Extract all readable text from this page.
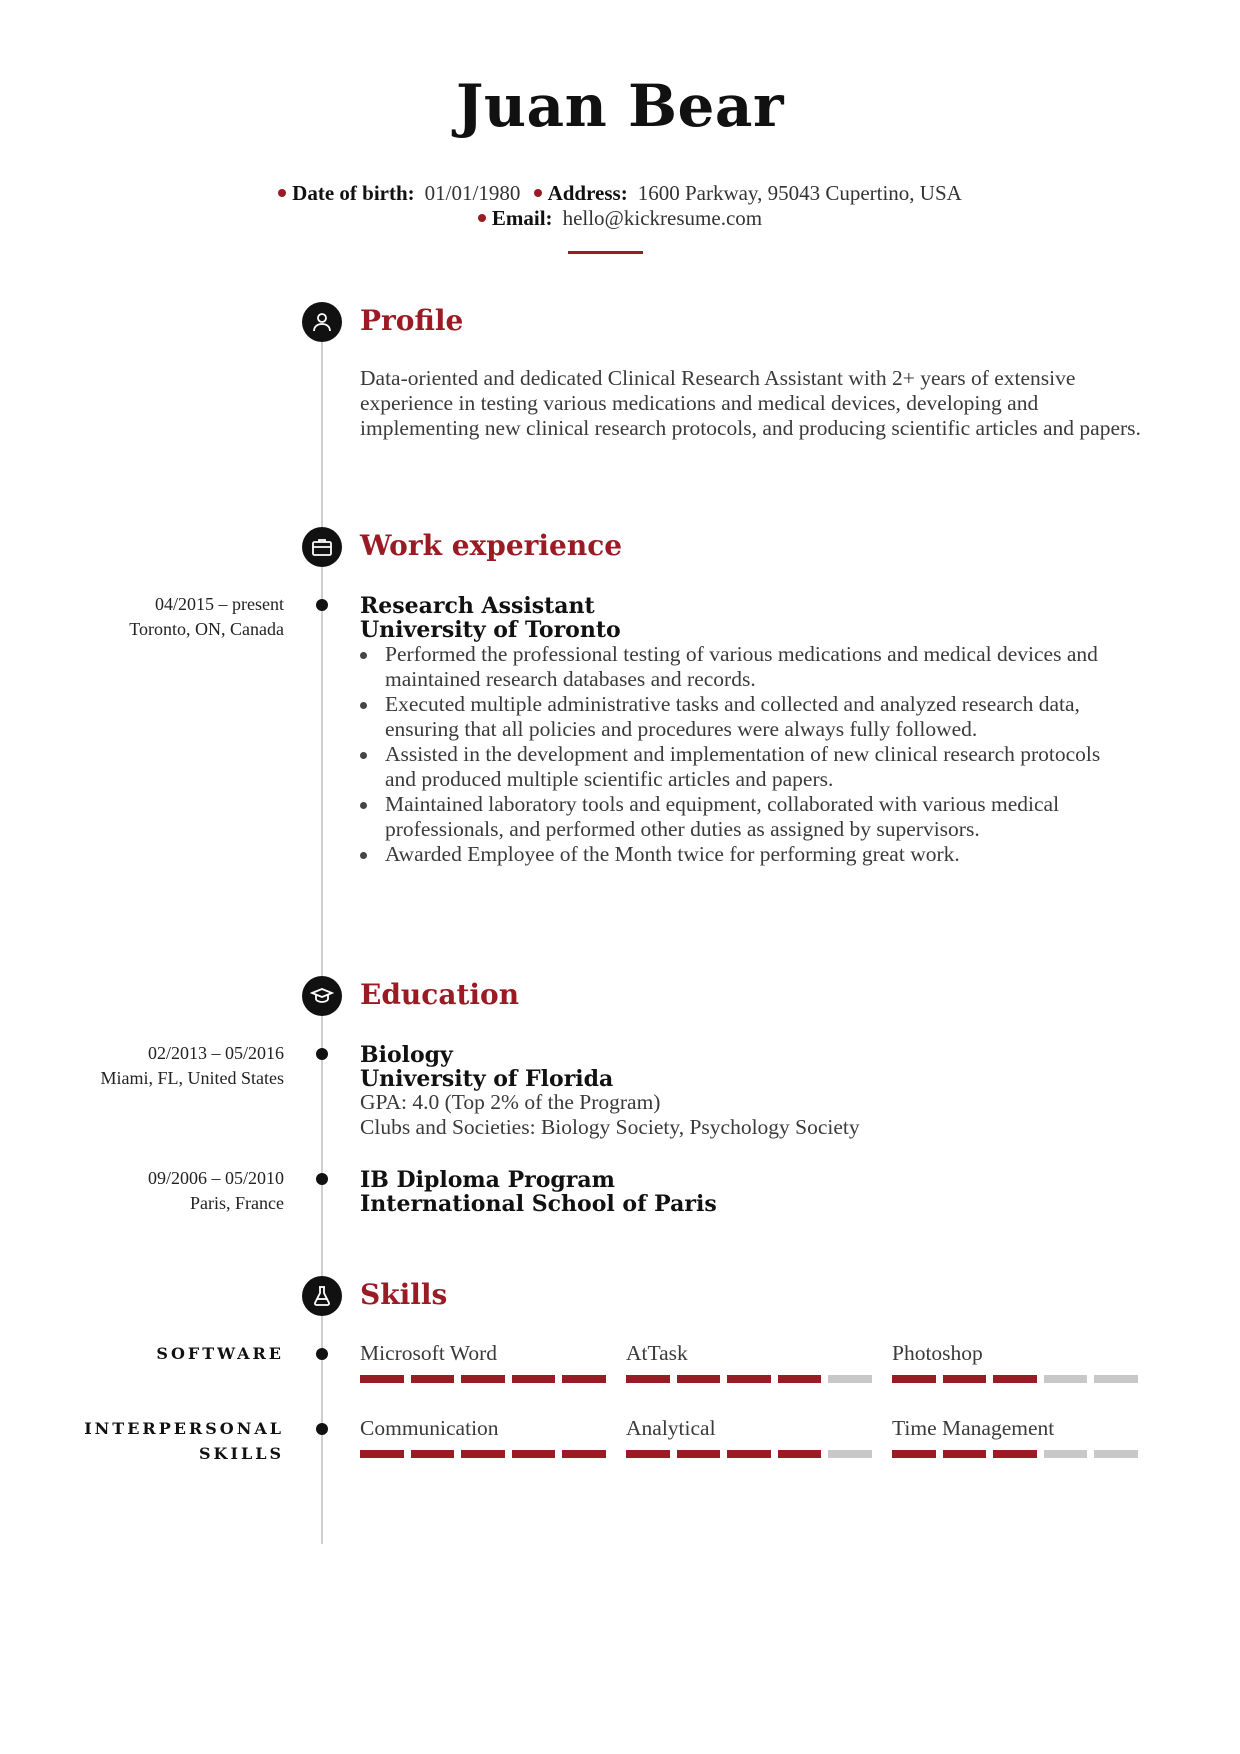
Juan Bear
Date of birth: 01/01/1980 Address: 1600 Parkway, 95043 Cupertino, USA
Email: hello@kickresume.com
Profile
Data-oriented and dedicated Clinical Research Assistant with 2+ years of extensive experience in testing various medications and medical devices, developing and implementing new clinical research protocols, and producing scientific articles and papers.
Work experience
04/2015 – present
Toronto, ON, Canada
Research Assistant
University of Toronto
Performed the professional testing of various medications and medical devices and maintained research databases and records.
Executed multiple administrative tasks and collected and analyzed research data, ensuring that all policies and procedures were always fully followed.
Assisted in the development and implementation of new clinical research protocols and produced multiple scientific articles and papers.
Maintained laboratory tools and equipment, collaborated with various medical professionals, and performed other duties as assigned by supervisors.
Awarded Employee of the Month twice for performing great work.
Education
02/2013 – 05/2016
Miami, FL, United States
Biology
University of Florida
GPA: 4.0 (Top 2% of the Program)
Clubs and Societies: Biology Society, Psychology Society
09/2006 – 05/2010
Paris, France
IB Diploma Program
International School of Paris
Skills
SOFTWARE	Microsoft Word	AtTask	Photoshop
INTERPERSONAL
SKILLS
Communication	Analytical	Time Management
